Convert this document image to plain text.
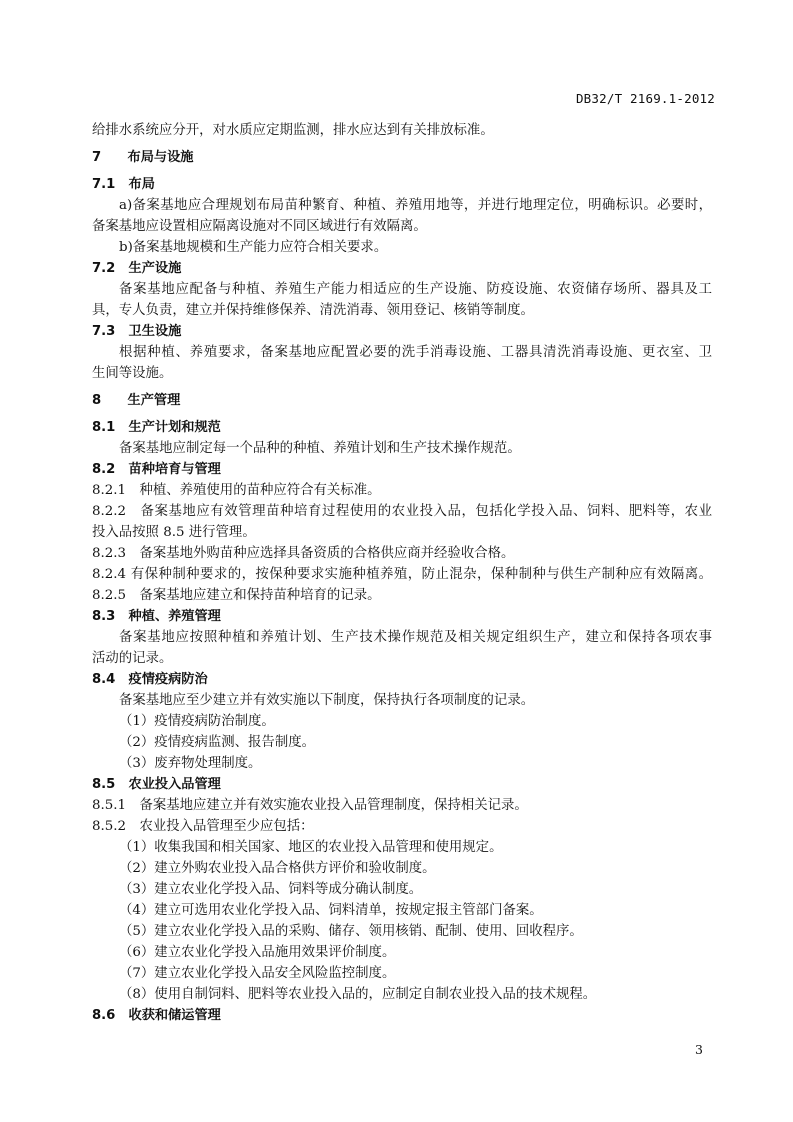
DB32/T 2169.1-2012
给排水系统应分开，对水质应定期监测，排水应达到有关排放标准。
7　　布局与设施
7.1　布局
a)备案基地应合理规划布局苗种繁育、种植、养殖用地等，并进行地理定位，明确标识。必要时，
备案基地应设置相应隔离设施对不同区域进行有效隔离。
b)备案基地规模和生产能力应符合相关要求。
7.2　生产设施
备案基地应配备与种植、养殖生产能力相适应的生产设施、防疫设施、农资储存场所、器具及工
具，专人负责，建立并保持维修保养、清洗消毒、领用登记、核销等制度。
7.3　卫生设施
根据种植、养殖要求，备案基地应配置必要的洗手消毒设施、工器具清洗消毒设施、更衣室、卫
生间等设施。
8　　生产管理
8.1　生产计划和规范
备案基地应制定每一个品种的种植、养殖计划和生产技术操作规范。
8.2　苗种培育与管理
8.2.1　种植、养殖使用的苗种应符合有关标准。
8.2.2　备案基地应有效管理苗种培育过程使用的农业投入品，包括化学投入品、饲料、肥料等，农业
投入品按照 8.5 进行管理。
8.2.3　备案基地外购苗种应选择具备资质的合格供应商并经验收合格。
8.2.4 有保种制种要求的，按保种要求实施种植养殖，防止混杂，保种制种与供生产制种应有效隔离。
8.2.5　备案基地应建立和保持苗种培育的记录。
8.3　种植、养殖管理
备案基地应按照种植和养殖计划、生产技术操作规范及相关规定组织生产，建立和保持各项农事
活动的记录。
8.4　疫情疫病防治
备案基地应至少建立并有效实施以下制度，保持执行各项制度的记录。
（1）疫情疫病防治制度。
（2）疫情疫病监测、报告制度。
（3）废弃物处理制度。
8.5　农业投入品管理
8.5.1　备案基地应建立并有效实施农业投入品管理制度，保持相关记录。
8.5.2　农业投入品管理至少应包括：
（1）收集我国和相关国家、地区的农业投入品管理和使用规定。
（2）建立外购农业投入品合格供方评价和验收制度。
（3）建立农业化学投入品、饲料等成分确认制度。
（4）建立可选用农业化学投入品、饲料清单，按规定报主管部门备案。
（5）建立农业化学投入品的采购、储存、领用核销、配制、使用、回收程序。
（6）建立农业化学投入品施用效果评价制度。
（7）建立农业化学投入品安全风险监控制度。
（8）使用自制饲料、肥料等农业投入品的，应制定自制农业投入品的技术规程。
8.6　收获和储运管理
3
